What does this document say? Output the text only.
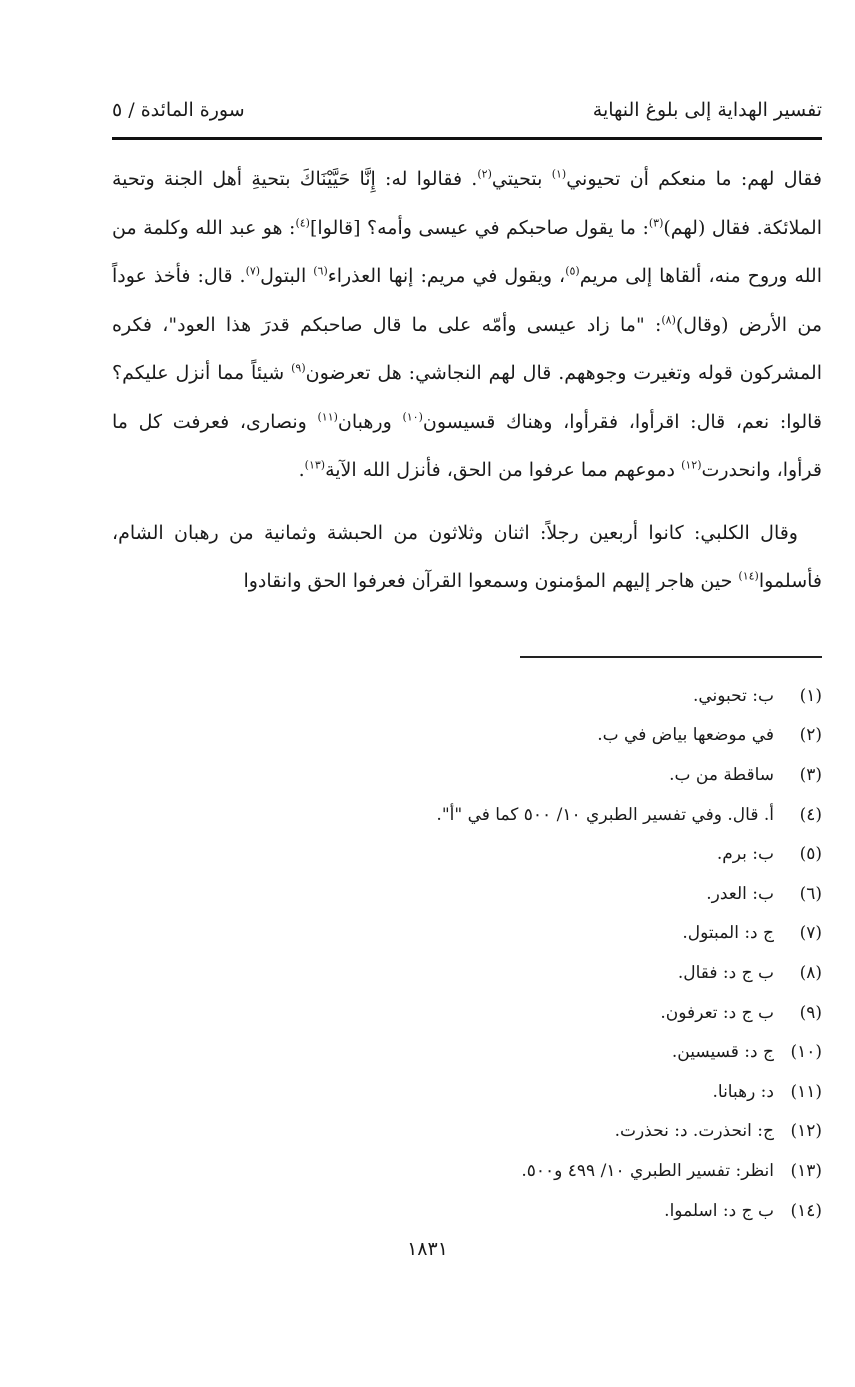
تفسير الهداية إلى بلوغ النهاية
سورة المائدة / ٥

فقال لهم: ما منعكم أن تحيوني$^{(١)}$ بتحيتي$^{(٢)}$. فقالوا له: إِنَّا حَيَّيْنَاكَ بتحيةِ أهل الجنة وتحية الملائكة. فقال (لهم)$^{(٣)}$: ما يقول صاحبكم في عيسى وأمه؟ [قالوا]$^{(٤)}$: هو عبد الله وكلمة من الله وروح منه، ألقاها إلى مريم$^{(٥)}$، ويقول في مريم: إنها العذراء$^{(٦)}$ البتول$^{(٧)}$. قال: فأخذ عوداً من الأرض (وقال)$^{(٨)}$: "ما زاد عيسى وأمّه على ما قال صاحبكم قدرَ هذا العود"، فكره المشركون قوله وتغيرت وجوههم. قال لهم النجاشي: هل تعرضون$^{(٩)}$ شيئاً مما أنزل عليكم؟ قالوا: نعم، قال: اقرأوا، فقرأوا، وهناك قسيسون$^{(١٠)}$ ورهبان$^{(١١)}$ ونصارى، فعرفت كل ما قرأوا، وانحدرت$^{(١٢)}$ دموعهم مما عرفوا من الحق، فأنزل الله الآية$^{(١٣)}$.

وقال الكلبي: كانوا أربعين رجلاً: اثنان وثلاثون من الحبشة وثمانية من رهبان الشام، فأسلموا$^{(١٤)}$ حين هاجر إليهم المؤمنون وسمعوا القرآن فعرفوا الحق وانقادوا

(١)
ب: تحبوني.
(٢)
في موضعها بياض في ب.
(٣)
ساقطة من ب.
(٤)
أ. قال. وفي تفسير الطبري ١٠/ ٥٠٠ كما في "أ".
(٥)
ب: برم.
(٦)
ب: العدر.
(٧)
ج د: المبتول.
(٨)
ب ج د: فقال.
(٩)
ب ج د: تعرفون.
(١٠)
ج د: قسيسين.
(١١)
د: رهبانا.
(١٢)
ج: انحذرت. د: نحذرت.
(١٣)
انظر: تفسير الطبري ١٠/ ٤٩٩ و٥٠٠.
(١٤)
ب ج د: اسلموا.
١٨٣١
